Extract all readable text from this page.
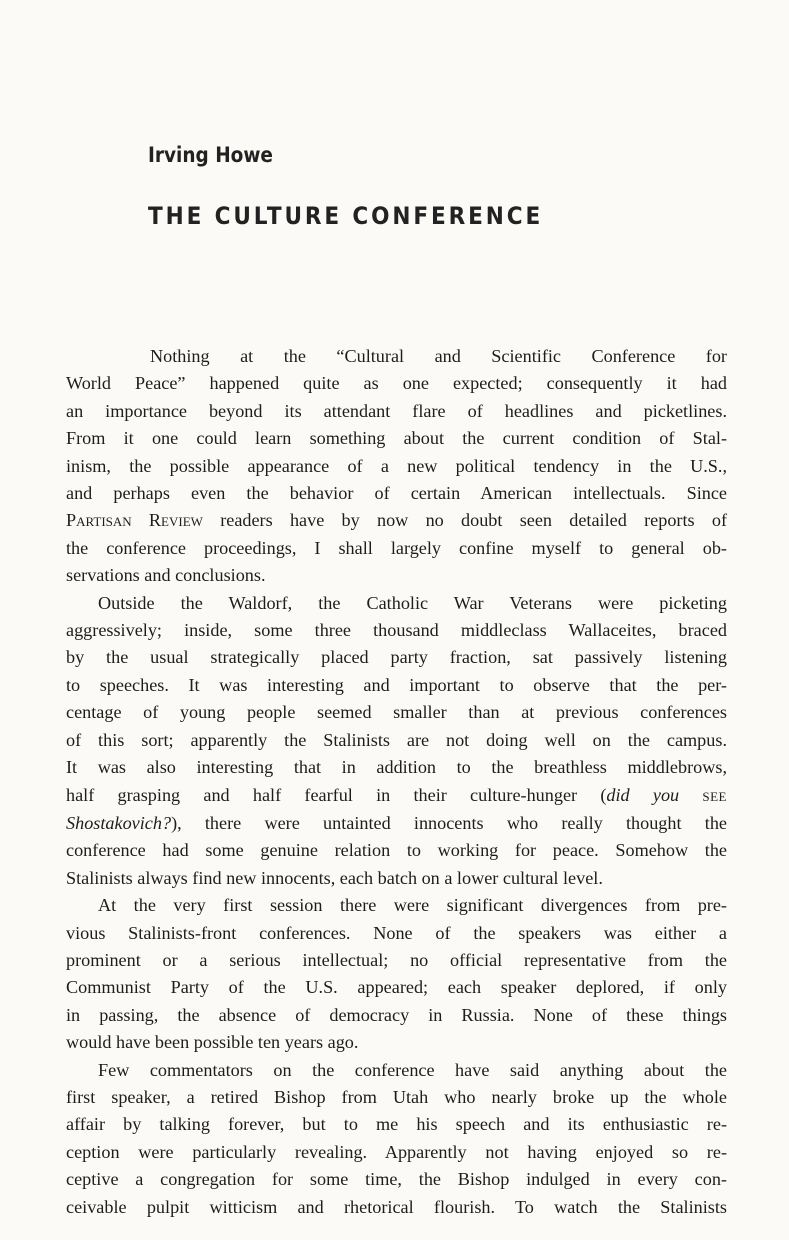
Irving Howe
THE CULTURE CONFERENCE
Nothing at the “Cultural and Scientific Conference for
World Peace” happened quite as one expected; consequently it had
an importance beyond its attendant flare of headlines and picketlines.
From it one could learn something about the current condition of Stal-
inism, the possible appearance of a new political tendency in the U.S.,
and perhaps even the behavior of certain American intellectuals. Since
Partisan Review readers have by now no doubt seen detailed reports of
the conference proceedings, I shall largely confine myself to general ob-
servations and conclusions.
Outside the Waldorf, the Catholic War Veterans were picketing
aggressively; inside, some three thousand middleclass Wallaceites, braced
by the usual strategically placed party fraction, sat passively listening
to speeches. It was interesting and important to observe that the per-
centage of young people seemed smaller than at previous conferences
of this sort; apparently the Stalinists are not doing well on the campus.
It was also interesting that in addition to the breathless middlebrows,
half grasping and half fearful in their culture-hunger (did you SEE
Shostakovich?), there were untainted innocents who really thought the
conference had some genuine relation to working for peace. Somehow the
Stalinists always find new innocents, each batch on a lower cultural level.
At the very first session there were significant divergences from pre-
vious Stalinists-front conferences. None of the speakers was either a
prominent or a serious intellectual; no official representative from the
Communist Party of the U.S. appeared; each speaker deplored, if only
in passing, the absence of democracy in Russia. None of these things
would have been possible ten years ago.
Few commentators on the conference have said anything about the
first speaker, a retired Bishop from Utah who nearly broke up the whole
affair by talking forever, but to me his speech and its enthusiastic re-
ception were particularly revealing. Apparently not having enjoyed so re-
ceptive a congregation for some time, the Bishop indulged in every con-
ceivable pulpit witticism and rhetorical flourish. To watch the Stalinists
